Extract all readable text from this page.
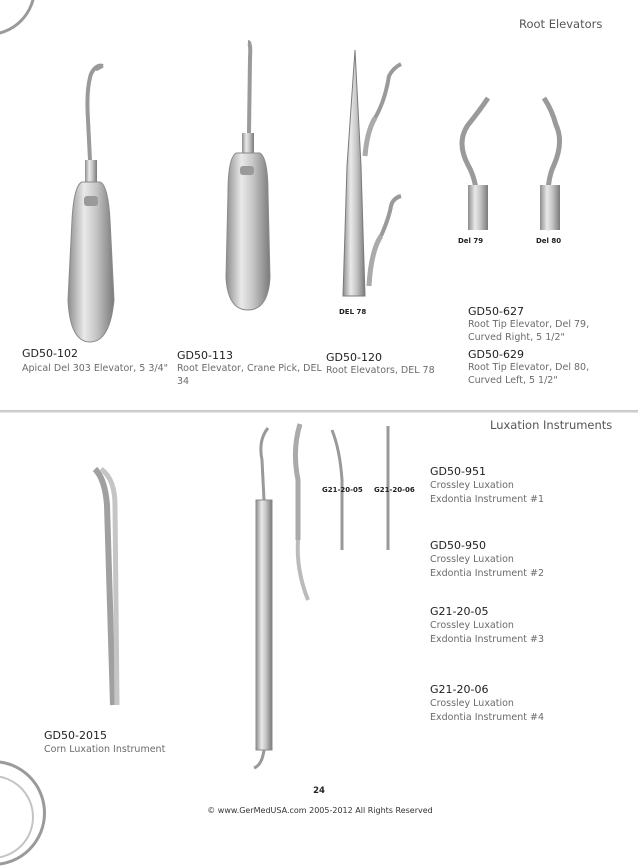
Root Elevators
Luxation Instruments
DEL 78
Del 79	Del 80
GD50-102
Apical Del 303 Elevator, 5 3/4"
GD50-113
Root Elevator, Crane Pick, DEL 34
GD50-120
Root Elevators, DEL 78
GD50-627
Root Tip Elevator, Del 79, Curved Right, 5 1/2"
GD50-629
Root Tip Elevator, Del 80, Curved Left, 5 1/2"
G21-20-05 G21-20-06
GD50-951
Crossley Luxation
Exdontia Instrument #1
GD50-950
Crossley Luxation
Exdontia Instrument #2
G21-20-05
Crossley Luxation
Exdontia Instrument #3
G21-20-06
Crossley Luxation
Exdontia Instrument #4
GD50-2015
Corn Luxation Instrument
24
© www.GerMedUSA.com 2005-2012 All Rights Reserved
